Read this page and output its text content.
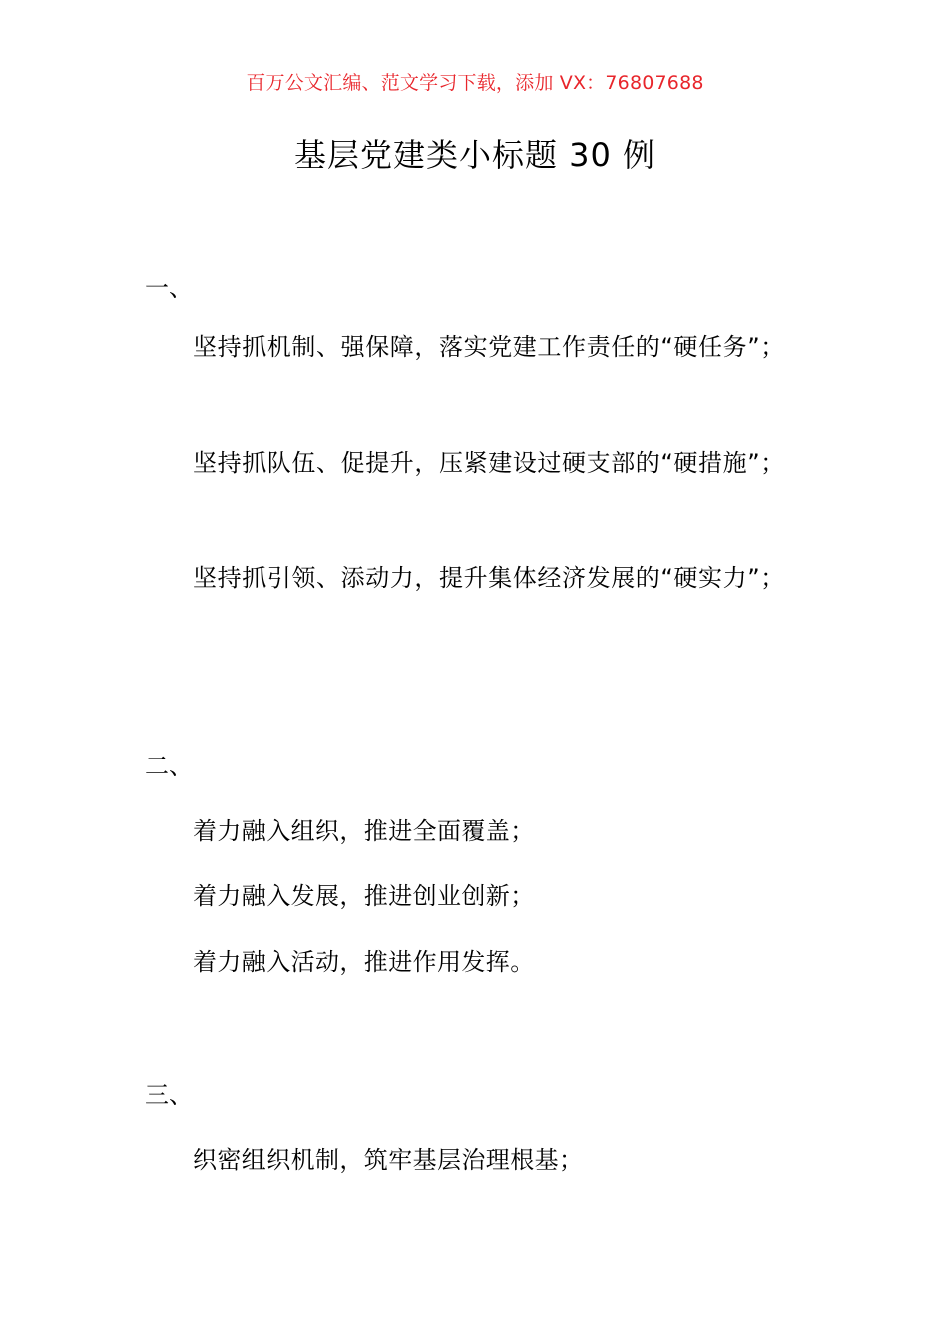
百万公文汇编、范文学习下载，添加 VX：76807688
基层党建类小标题 30 例
一、

坚持抓机制、强保障，落实党建工作责任的“硬任务”；

坚持抓队伍、促提升，压紧建设过硬支部的“硬措施”；

坚持抓引领、添动力，提升集体经济发展的“硬实力”；

二、

着力融入组织，推进全面覆盖；

着力融入发展，推进创业创新；

着力融入活动，推进作用发挥。

三、

织密组织机制，筑牢基层治理根基；
